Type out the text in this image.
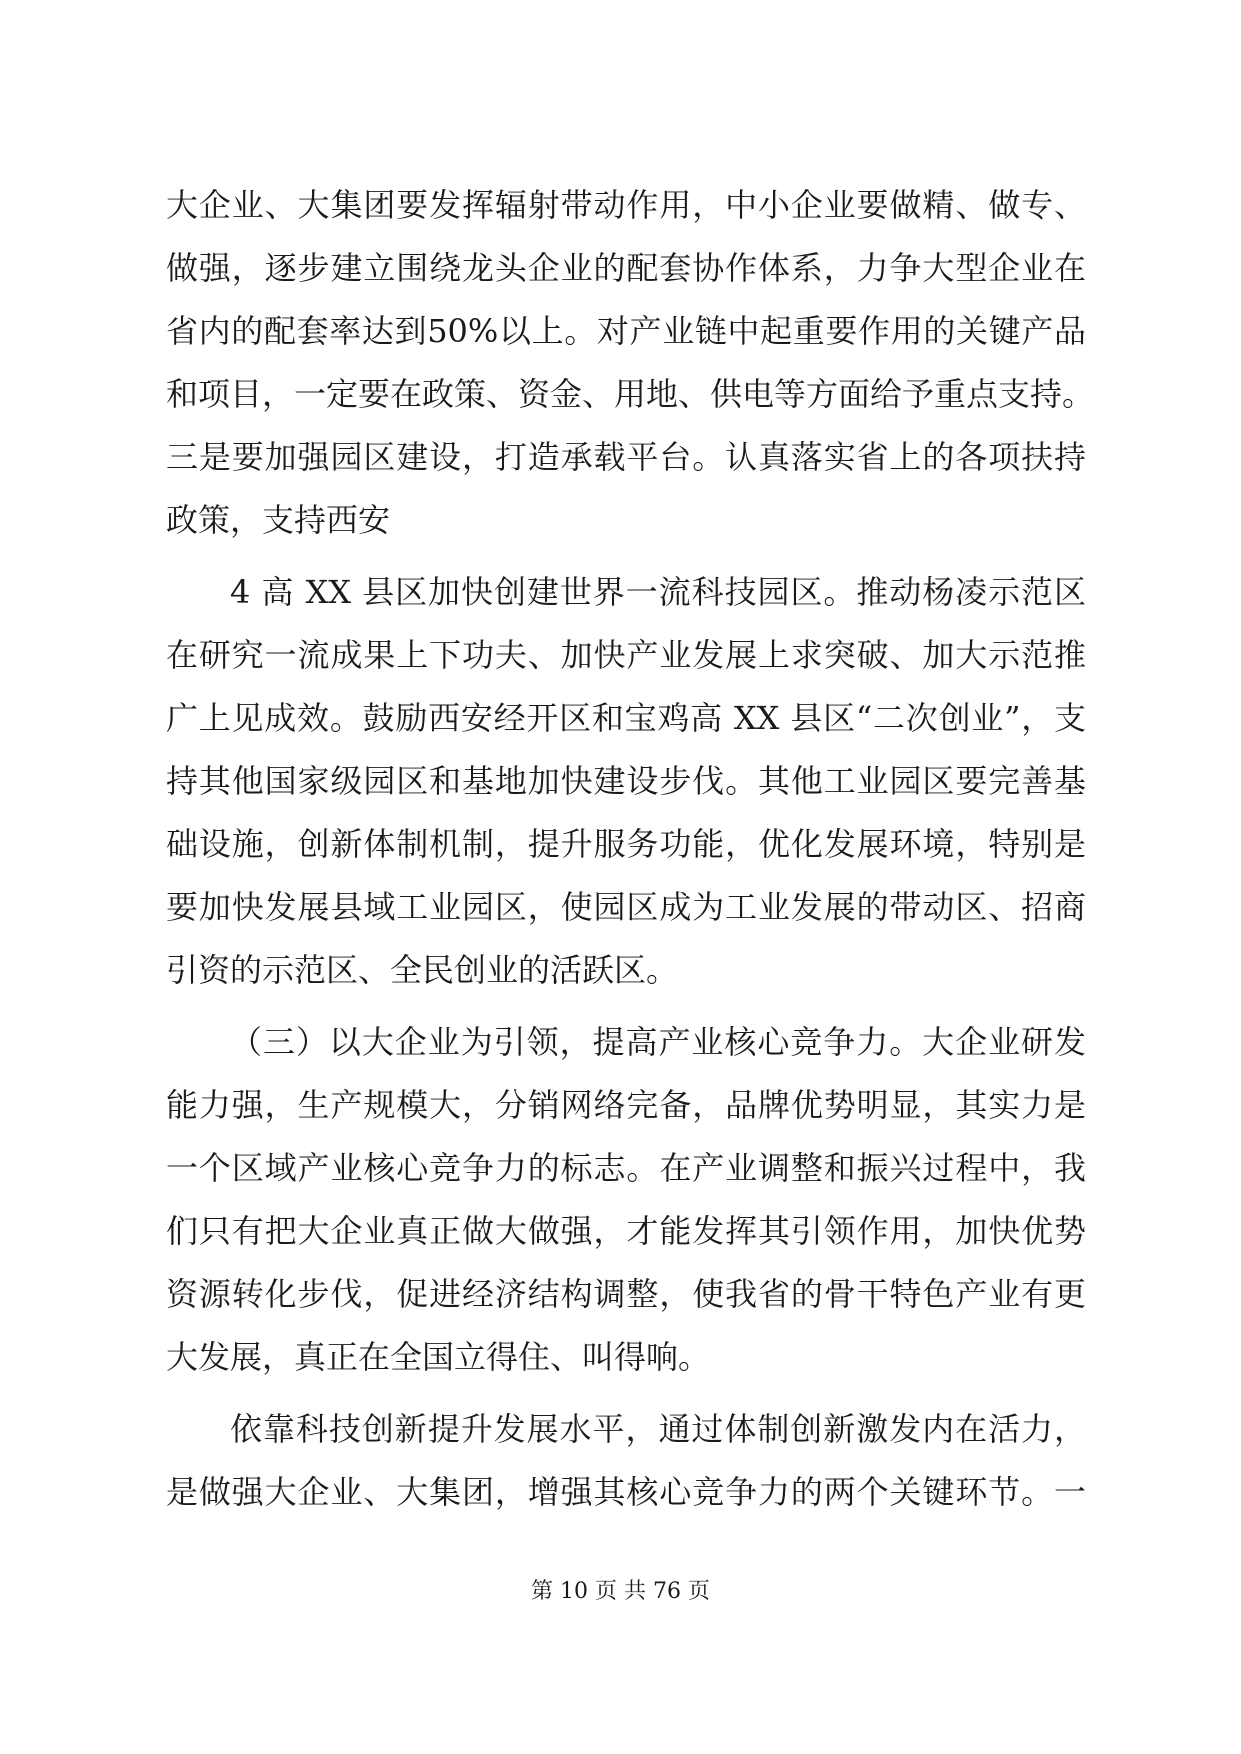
大企业、大集团要发挥辐射带动作用，中小企业要做精、做专、
做强，逐步建立围绕龙头企业的配套协作体系，力争大型企业在
省内的配套率达到50%以上。对产业链中起重要作用的关键产品
和项目，一定要在政策、资金、用地、供电等方面给予重点支持。
三是要加强园区建设，打造承载平台。认真落实省上的各项扶持
政策，支持西安
4 高 XX 县区加快创建世界一流科技园区。推动杨凌示范区
在研究一流成果上下功夫、加快产业发展上求突破、加大示范推
广上见成效。鼓励西安经开区和宝鸡高 XX 县区“二次创业”，支
持其他国家级园区和基地加快建设步伐。其他工业园区要完善基
础设施，创新体制机制，提升服务功能，优化发展环境，特别是
要加快发展县域工业园区，使园区成为工业发展的带动区、招商
引资的示范区、全民创业的活跃区。
（三）以大企业为引领，提高产业核心竞争力。大企业研发
能力强，生产规模大，分销网络完备，品牌优势明显，其实力是
一个区域产业核心竞争力的标志。在产业调整和振兴过程中，我
们只有把大企业真正做大做强，才能发挥其引领作用，加快优势
资源转化步伐，促进经济结构调整，使我省的骨干特色产业有更
大发展，真正在全国立得住、叫得响。
依靠科技创新提升发展水平，通过体制创新激发内在活力，
是做强大企业、大集团，增强其核心竞争力的两个关键环节。一
第 10 页 共 76 页
